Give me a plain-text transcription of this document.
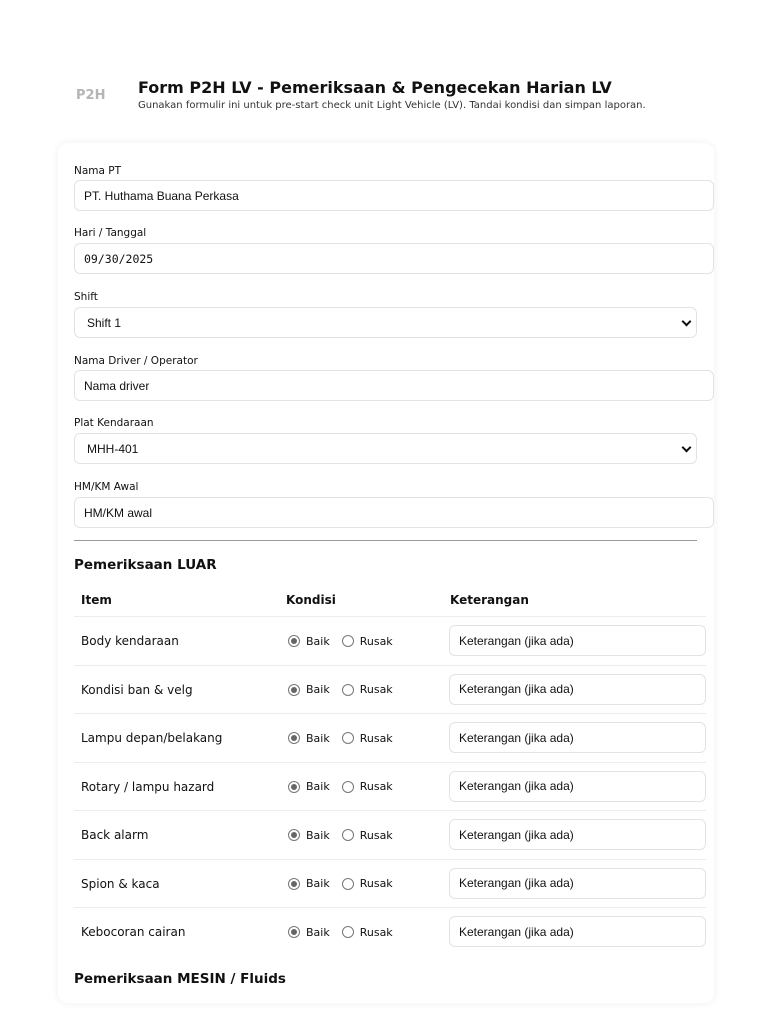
P2H Form P2H LV - Pemeriksaan & Pengecekan Harian LV
Gunakan formulir ini untuk pre-start check unit Light Vehicle (LV). Tandai kondisi dan simpan laporan.
Nama PT
PT. Huthama Buana Perkasa
Hari / Tanggal
09/30/2025
Shift
Shift 1
Nama Driver / Operator
Nama driver
Plat Kendaraan
MHH-401
HM/KM Awal
HM/KM awal
Pemeriksaan LUAR
Item	Kondisi	Keterangan
Body kendaraan	Baik	Rusak	Keterangan (jika ada)
Kondisi ban & velg	Baik	Rusak	Keterangan (jika ada)
Lampu depan/belakang	Baik	Rusak	Keterangan (jika ada)
Rotary / lampu hazard	Baik	Rusak	Keterangan (jika ada)
Back alarm	Baik	Rusak	Keterangan (jika ada)
Spion & kaca	Baik	Rusak	Keterangan (jika ada)
Kebocoran cairan	Baik	Rusak	Keterangan (jika ada)
Pemeriksaan MESIN / Fluids
